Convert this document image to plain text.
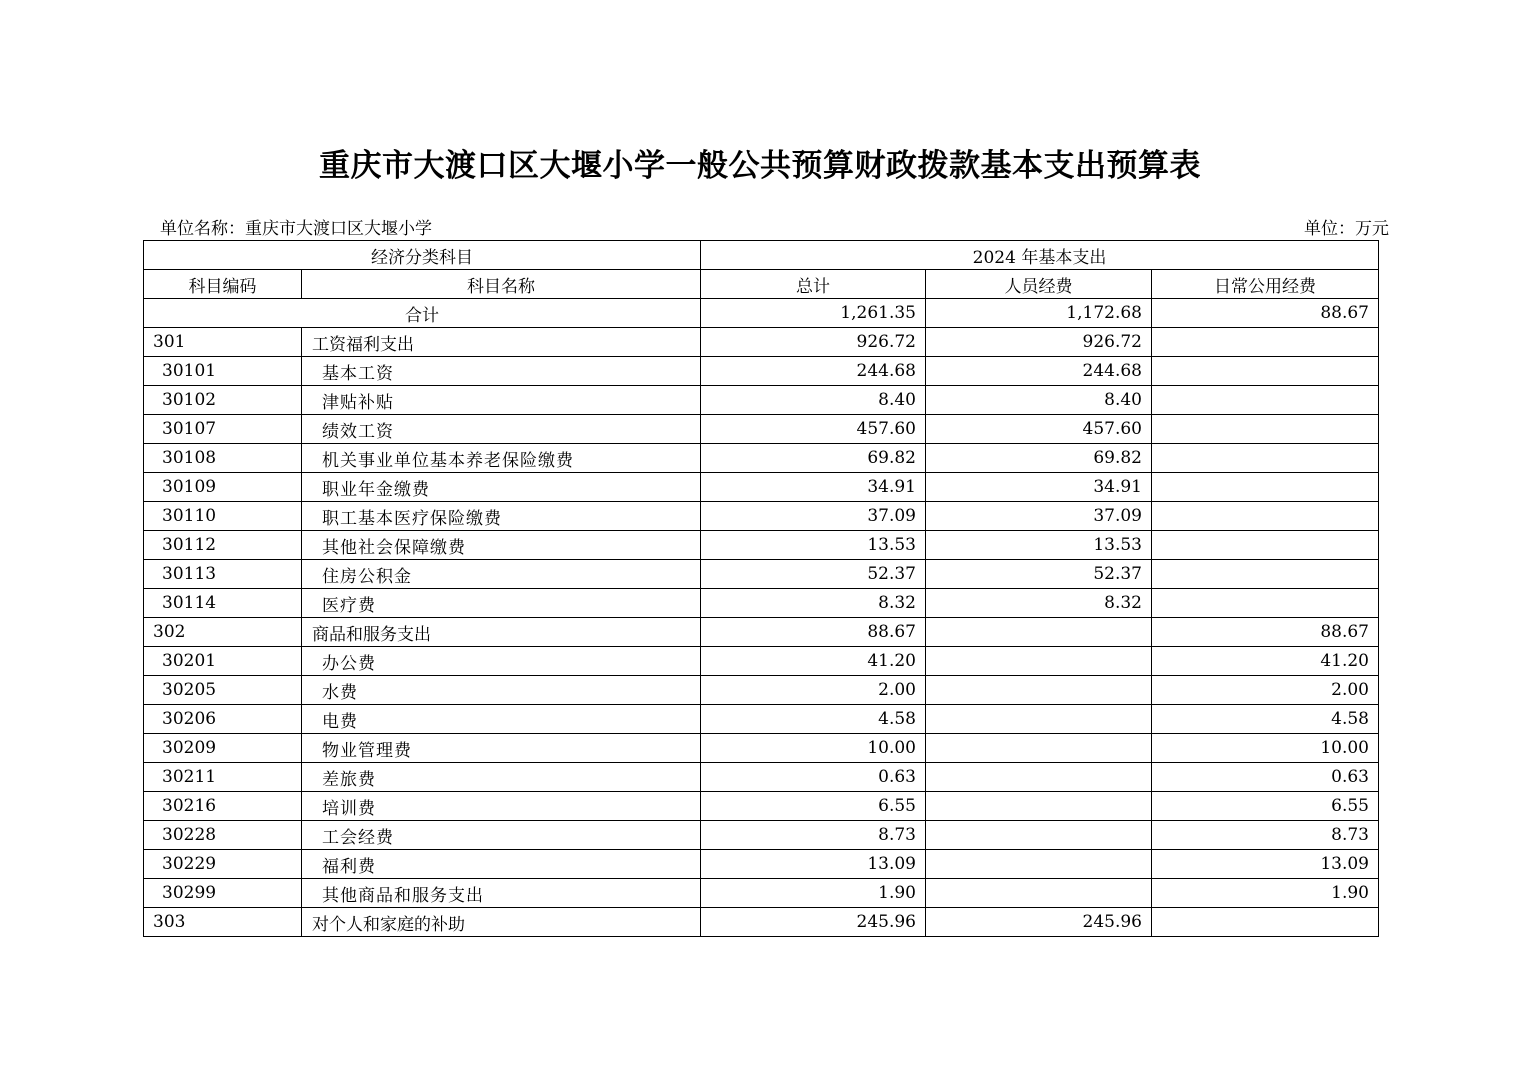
重庆市大渡口区大堰小学一般公共预算财政拨款基本支出预算表
单位名称：重庆市大渡口区大堰小学	单位：万元
经济分类科目		2024 年基本支出		
科目编码	科目名称	总计	人员经费	日常公用经费
合计		1,261.35	1,172.68	88.67
301	工资福利支出	926.72	926.72	
30101	基本工资	244.68	244.68	
30102	津贴补贴	8.40	8.40	
30107	绩效工资	457.60	457.60	
30108	机关事业单位基本养老保险缴费	69.82	69.82	
30109	职业年金缴费	34.91	34.91	
30110	职工基本医疗保险缴费	37.09	37.09	
30112	其他社会保障缴费	13.53	13.53	
30113	住房公积金	52.37	52.37	
30114	医疗费	8.32	8.32	
302	商品和服务支出	88.67		88.67
30201	办公费	41.20		41.20
30205	水费	2.00		2.00
30206	电费	4.58		4.58
30209	物业管理费	10.00		10.00
30211	差旅费	0.63		0.63
30216	培训费	6.55		6.55
30228	工会经费	8.73		8.73
30229	福利费	13.09		13.09
30299	其他商品和服务支出	1.90		1.90
303	对个人和家庭的补助	245.96	245.96	
